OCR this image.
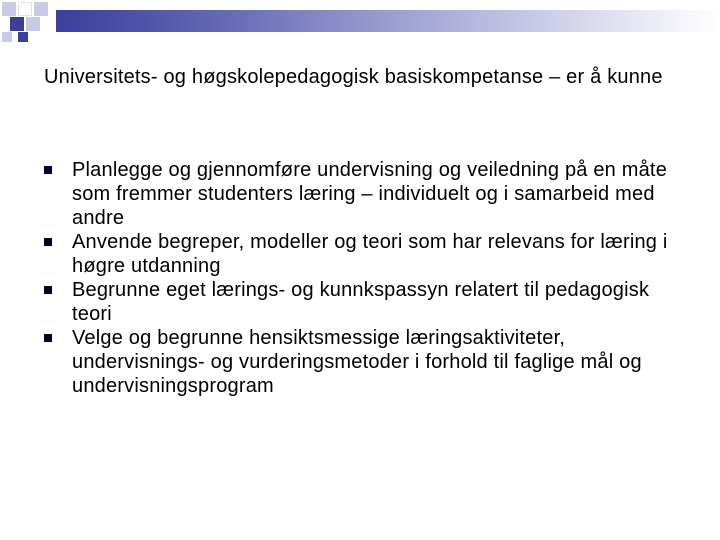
Universitets- og høgskolepedagogisk basiskompetanse – er å kunne
Planlegge og gjennomføre undervisning og veiledning på en måte som fremmer studenters læring – individuelt og i samarbeid med andre
Anvende begreper, modeller og teori som har relevans for læring i høgre utdanning
Begrunne eget lærings- og kunnkspassyn relatert til pedagogisk teori
Velge og begrunne hensiktsmessige læringsaktiviteter, undervisnings- og vurderingsmetoder i forhold til faglige mål og undervisningsprogram
